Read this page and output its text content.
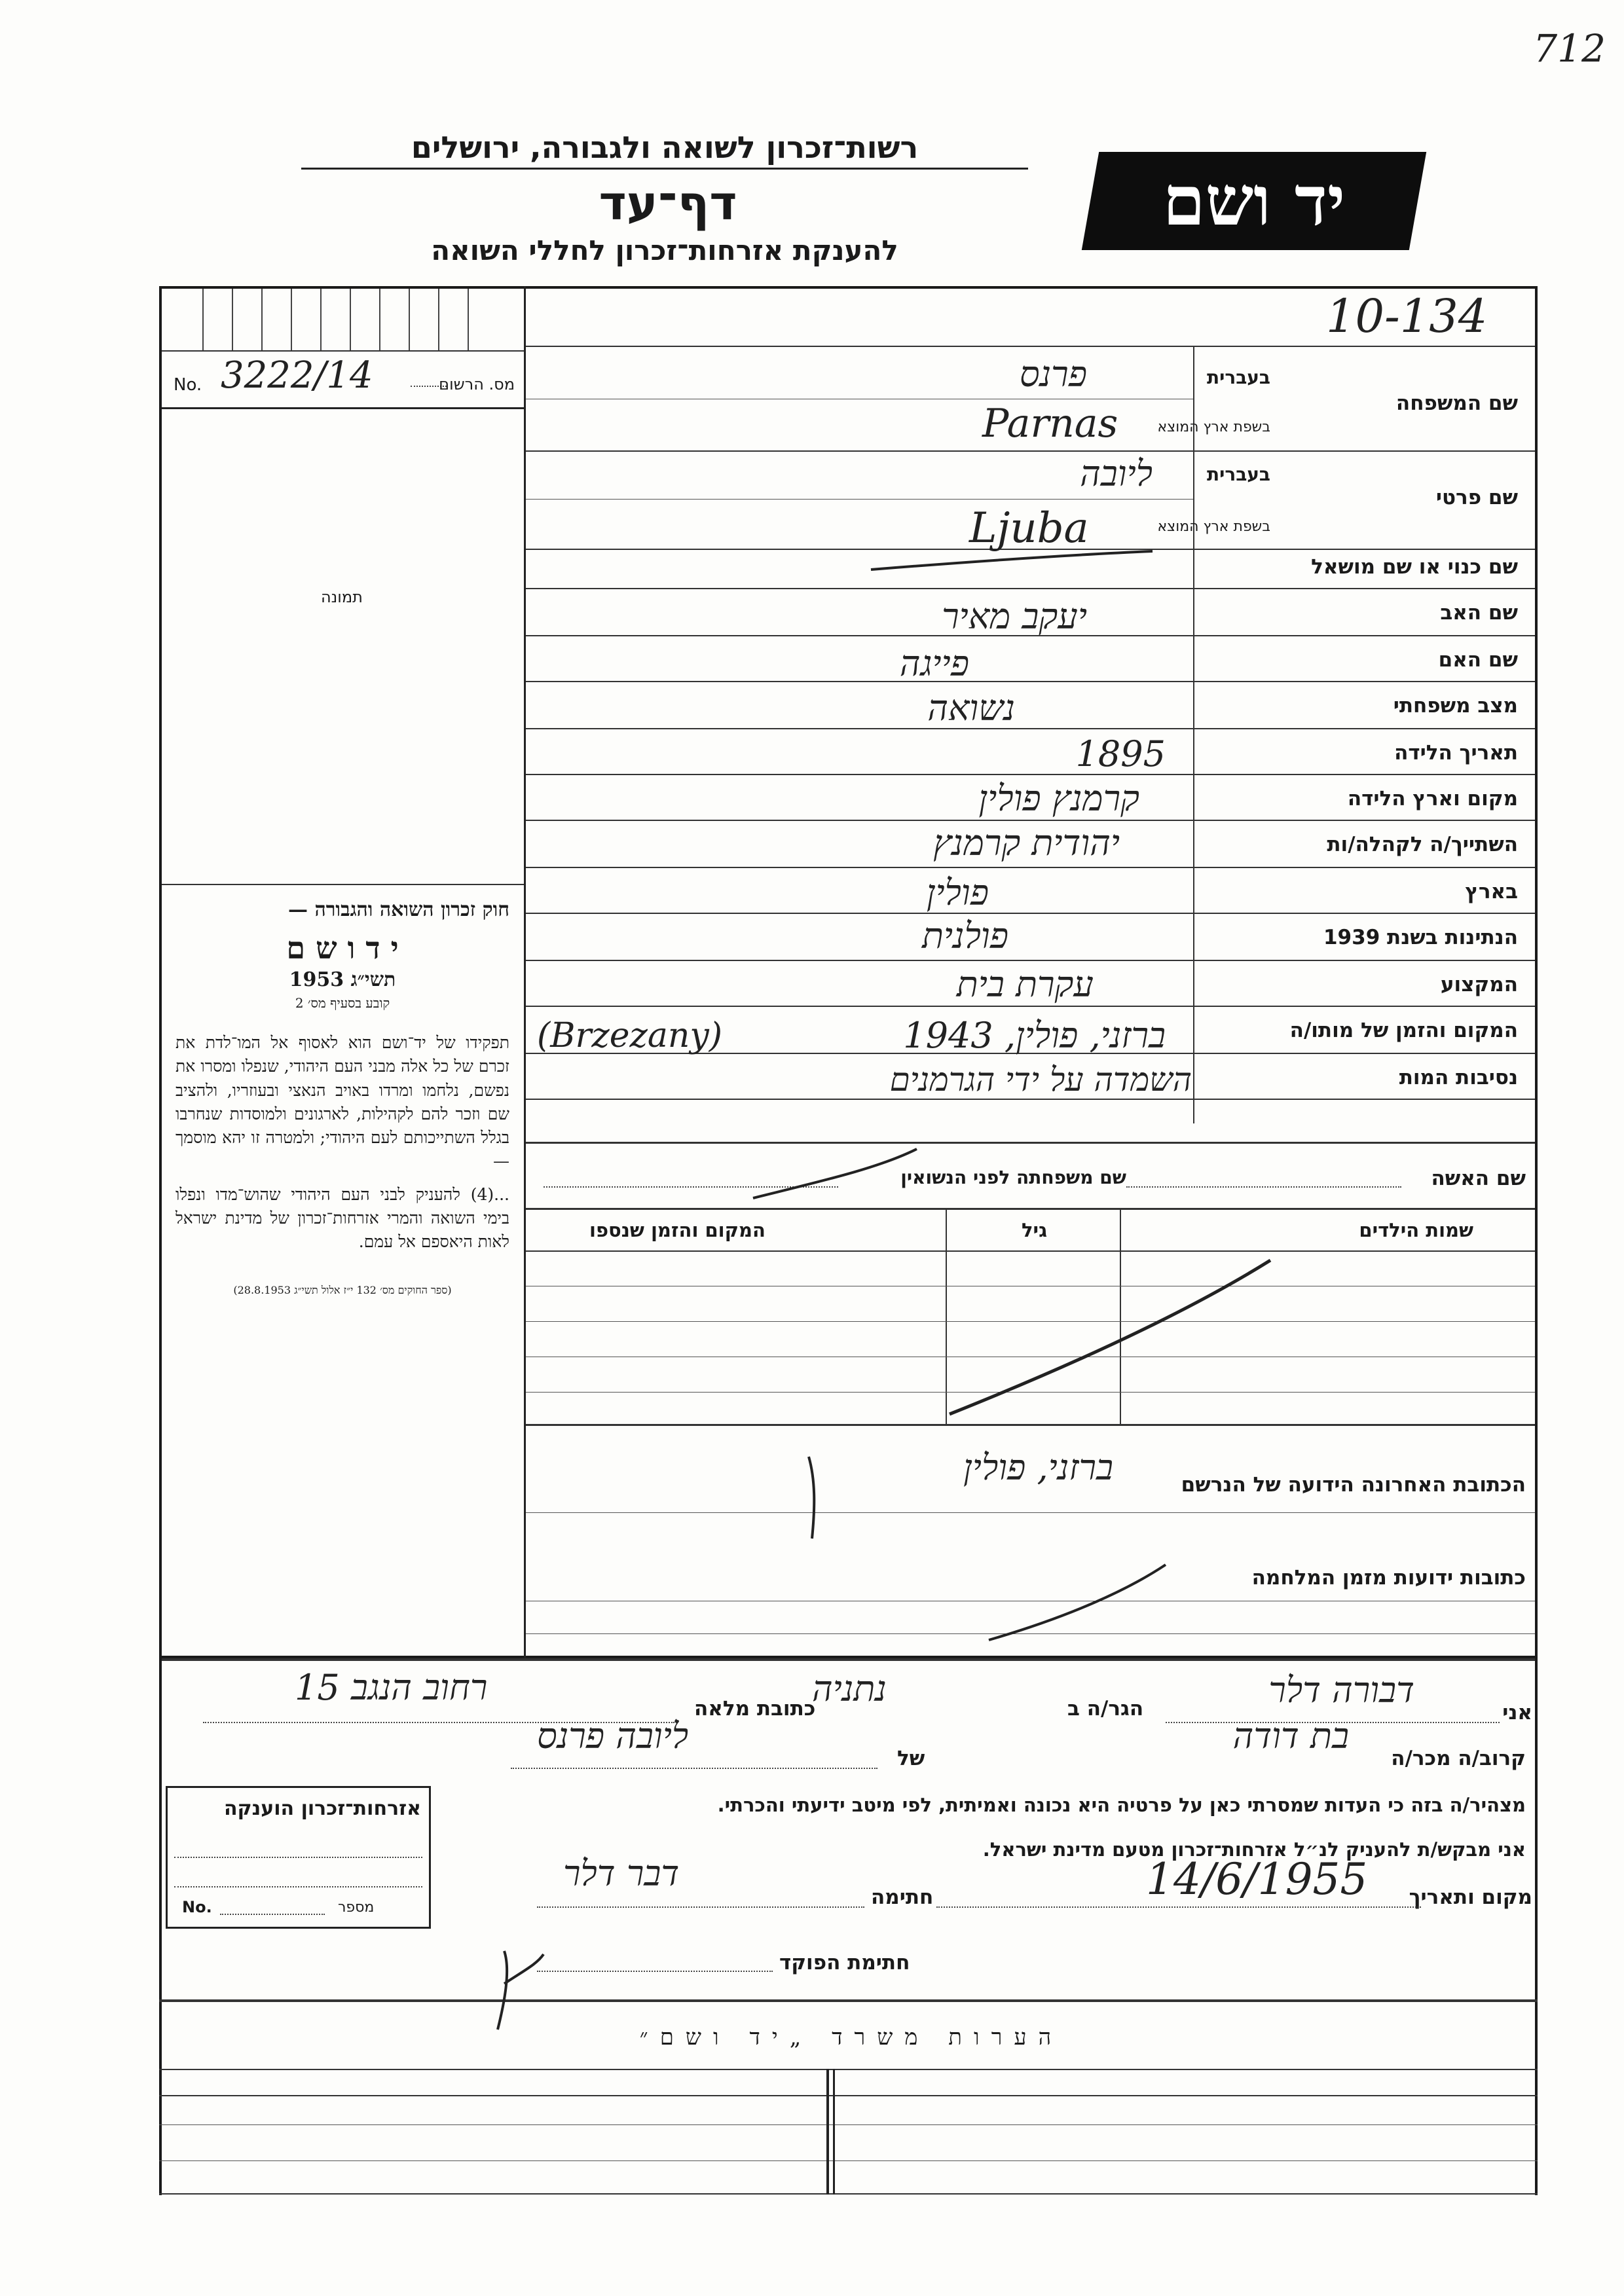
712
רשות־זכרון לשואה ולגבורה, ירושלים
דף־עד
להענקת אזרחות־זכרון לחללי השואה
יד ושם
10-134
No. 3222/14	מס. הרשום
תמונה
חוק זכרון השואה והגבורה —
י ד ו ש ם
תשי״ג 1953
קובע בסעיף מס׳ 2
תפקידו של יד־ושם הוא לאסוף אל המו־לדת את זכרם של כל אלה מבני העם היהודי, שנפלו ומסרו את נפשם, נלחמו ומרדו באויב הנאצי ובעוזריו, ולהציב שם וזכר להם לקהילות, לארגונים ולמוסדות שנחרבו בגלל השתייכותם לעם היהודי; ולמטרה זו יהא מוסמך —
...(4) להעניק לבני העם היהודי שהוש־מדו ונפלו בימי השואה והמרי אזרחות־זכרון של מדינת ישראל לאות היאספם אל עמם.
(ספר החוקים מס׳ 132 י״ז אלול תשי״ג 28.8.1953)
שם המשפחה
בעברית
בשפת ארץ המוצא
שם פרטי
בעברית
בשפת ארץ המוצא
שם כנוי או שם מושאל
שם האב
שם האם
מצב משפחתי
תאריך הלידה
מקום וארץ הלידה
השתייך/ה לקהלה/ות
בארץ
הנתינות בשנת 1939
המקצוע
המקום והזמן של מותו/ה
נסיבות המות
פרנס
Parnas
ליובה
Ljuba
יעקב מאיר
פייגה
נשואה
1895
קרמנץ פולין
יהודית קרמנץ
פולין
פולנית
עקרת בית
ברזני, פולין, 1943
(Brzezany)
השמדה על ידי הגרמנים
שם האשה
שם משפחתה לפני הנשואין
שמות הילדים
גיל
המקום והזמן שנספו
הכתובת האחרונה הידועה של הנרשם
ברזני, פולין
כתובות ידועות מזמן המלחמה
אני
דבורה דלר
הגר/ה ב
נתניה
כתובת מלאה
רחוב הנגב 15
קרוב/ה מכר/ה
בת דודה
של
ליובה פרנס
מצהיר/ה בזה כי העדות שמסרתי כאן על פרטיה היא נכונה ואמיתית, לפי מיטב ידיעתי והכרתי.
אני מבקש/ת להעניק לנ״ל אזרחות־זכרון מטעם מדינת ישראל.
מקום ותאריך
14/6/1955
חתימה
דבר דלר
חתימת הפוקד
אזרחות־זכרון הוענקה
No.	מספר
הערות משרד „יד ושם״
